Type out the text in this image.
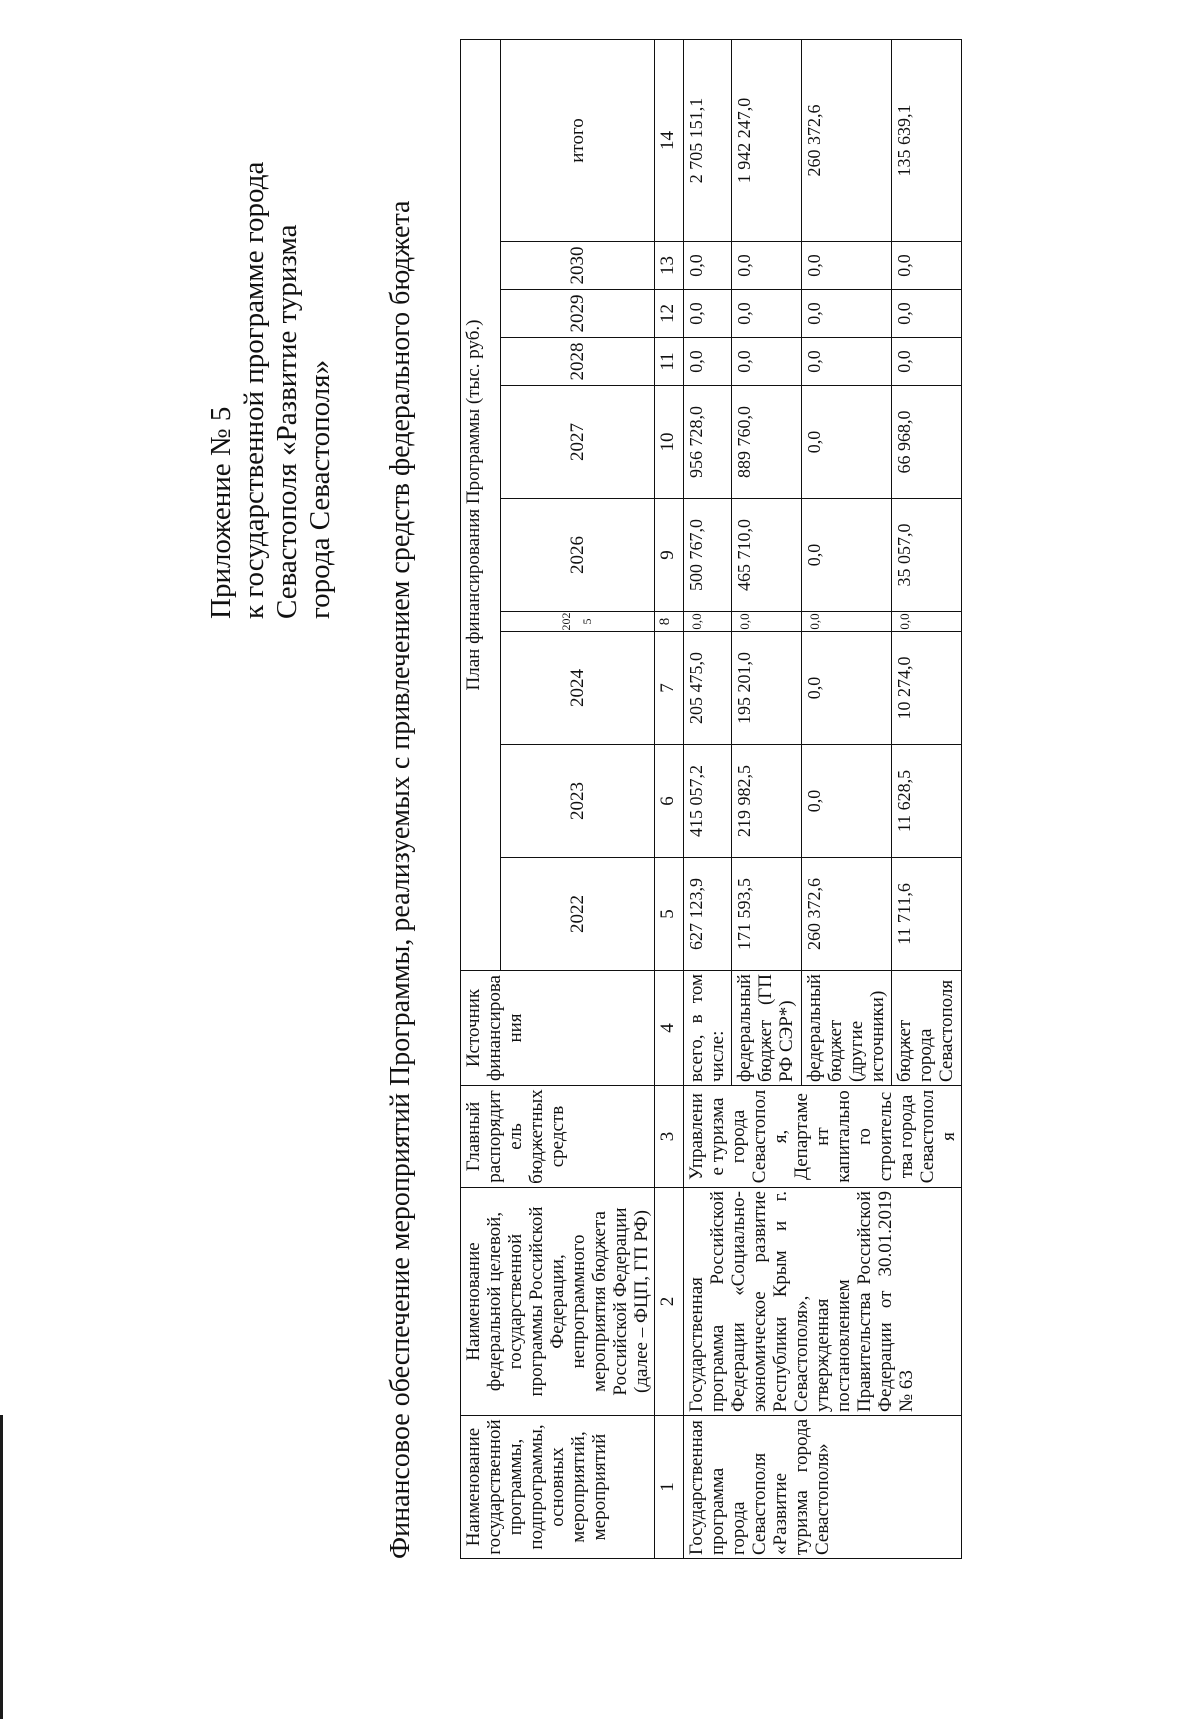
Приложение № 5 к государственной программе города Севастополя «Развитие туризма города Севастополя» Финансовое обеспечение мероприятий Программы, реализуемых с привлечением средств федерального бюджета Наименование государственной программы, подпрограммы, основных мероприятий, мероприятий	Наименование федеральной целевой, государственной программы Российской Федерации, непрограммного мероприятия бюджета Российской Федерации (далее – ФЦП, ГП РФ)	Главный распорядитель бюджетных средств	Источник финансирования	План финансирования Программы (тыс. руб.)									
				2022	2023	2024	2025	2026	2027	2028	2029	2030	итого
1	2	3	4	5	6	7	8	9	10	11	12	13	14
Государственная программа города Севастополя «Развитие туризма города Севастополя»	Государственная программа Российской Федерации «Социально-экономическое развитие Республики Крым и г. Севастополя», утвержденная постановлением Правительства Российской Федерации от 30.01.2019 № 63	Управление туризма города Севастополя, Департамент капитального строительства города Севастополя	всего, в том числе:	627 123,9	415 057,2	205 475,0	0,0	500 767,0	956 728,0	0,0	0,0	0,0	2 705 151,1
			федеральный бюджет (ГП РФ СЭР*)	171 593,5	219 982,5	195 201,0	0,0	465 710,0	889 760,0	0,0	0,0	0,0	1 942 247,0
			федеральный бюджет (другие источники)	260 372,6	0,0	0,0	0,0	0,0	0,0	0,0	0,0	0,0	260 372,6
			бюджет города Севастополя	11 711,6	11 628,5	10 274,0	0,0	35 057,0	66 968,0	0,0	0,0	0,0	135 639,1
